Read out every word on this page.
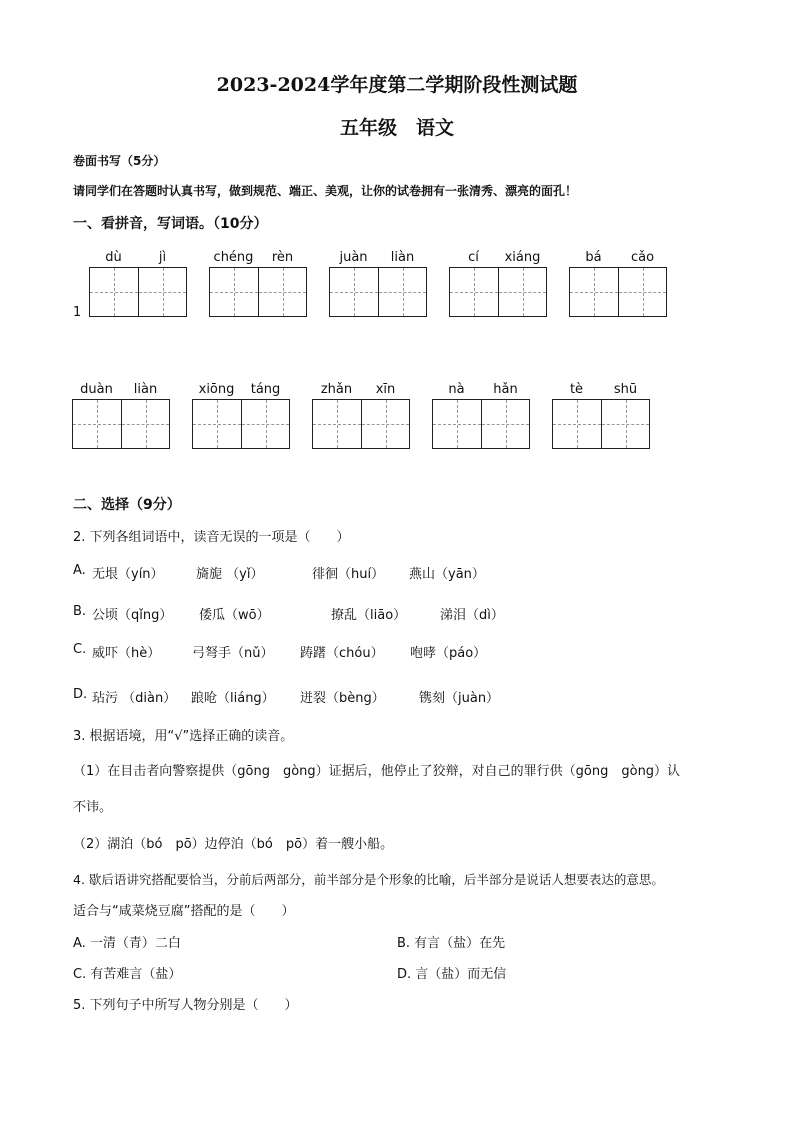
2023-2024学年度第二学期阶段性测试题
五年级　语文
卷面书写（5分）
请同学们在答题时认真书写，做到规范、端正、美观，让你的试卷拥有一张清秀、漂亮的面孔！
一、看拼音，写词语。（10分）
dù	jì	chéng	rèn	juàn	liàn	cí	xiáng	bá	cǎo
1
duàn	liàn	xiōng	táng	zhǎn	xīn	nà	hǎn	tè	shū
二、选择（9分）
2. 下列各组词语中，读音无误的一项是（　　）
A. 无垠（yín） 旖旎 （yǐ）	徘徊（huí） 燕山（yān）
B. 公顷（qǐng） 倭瓜（wō）	撩乱（liāo）	涕泪（dì）
C. 威吓（hè） 弓弩手（nǔ） 踌躇（chóu） 咆哮（páo）
D. 玷污 （diàn） 踉呛（liáng） 迸裂（bèng）	镌刻（juàn）
3. 根据语境，用“√”选择正确的读音。
（1）在目击者向警察提供（gōng　gòng）证据后，他停止了狡辩，对自己的罪行供（gōng　gòng）认
不讳。
（2）湖泊（bó　pō）边停泊（bó　pō）着一艘小船。
4. 歇后语讲究搭配要恰当，分前后两部分，前半部分是个形象的比喻，后半部分是说话人想要表达的意思。
适合与“咸菜烧豆腐”搭配的是（　　）
A. 一清（青）二白	B. 有言（盐）在先
C. 有苦难言（盐）	D. 言（盐）而无信
5. 下列句子中所写人物分别是（　　）
